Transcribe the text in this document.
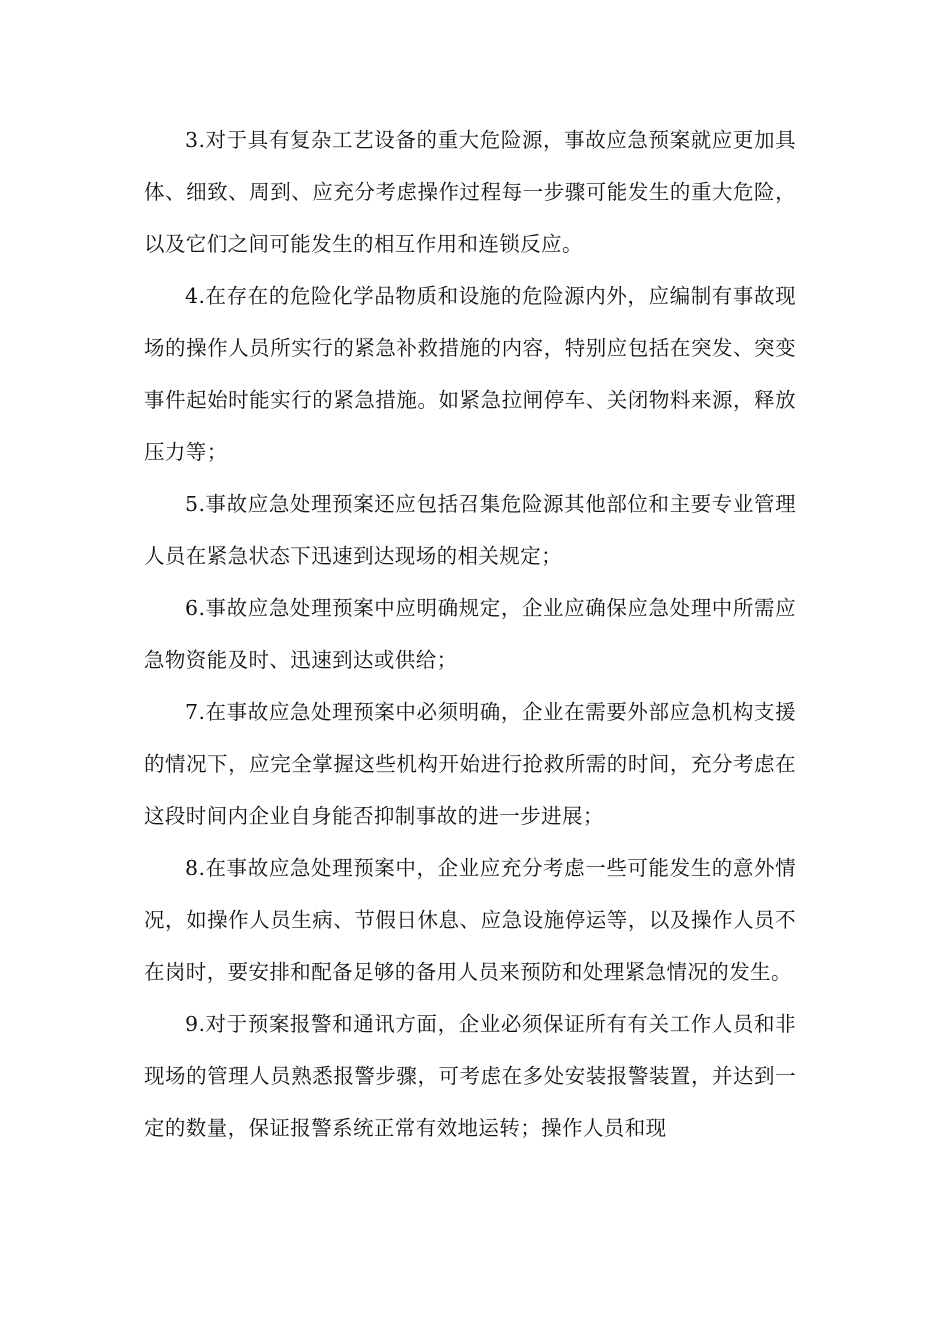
3.对于具有复杂工艺设备的重大危险源，事故应急预案就应更加具体、细致、周到、应充分考虑操作过程每一步骤可能发生的重大危险，以及它们之间可能发生的相互作用和连锁反应。

4.在存在的危险化学品物质和设施的危险源内外，应编制有事故现场的操作人员所实行的紧急补救措施的内容，特别应包括在突发、突变事件起始时能实行的紧急措施。如紧急拉闸停车、关闭物料来源，释放压力等；

5.事故应急处理预案还应包括召集危险源其他部位和主要专业管理人员在紧急状态下迅速到达现场的相关规定；

6.事故应急处理预案中应明确规定，企业应确保应急处理中所需应急物资能及时、迅速到达或供给；

7.在事故应急处理预案中必须明确，企业在需要外部应急机构支援的情况下，应完全掌握这些机构开始进行抢救所需的时间，充分考虑在这段时间内企业自身能否抑制事故的进一步进展；

8.在事故应急处理预案中，企业应充分考虑一些可能发生的意外情况，如操作人员生病、节假日休息、应急设施停运等，以及操作人员不在岗时，要安排和配备足够的备用人员来预防和处理紧急情况的发生。

9.对于预案报警和通讯方面，企业必须保证所有有关工作人员和非现场的管理人员熟悉报警步骤，可考虑在多处安装报警装置，并达到一定的数量，保证报警系统正常有效地运转；操作人员和现
